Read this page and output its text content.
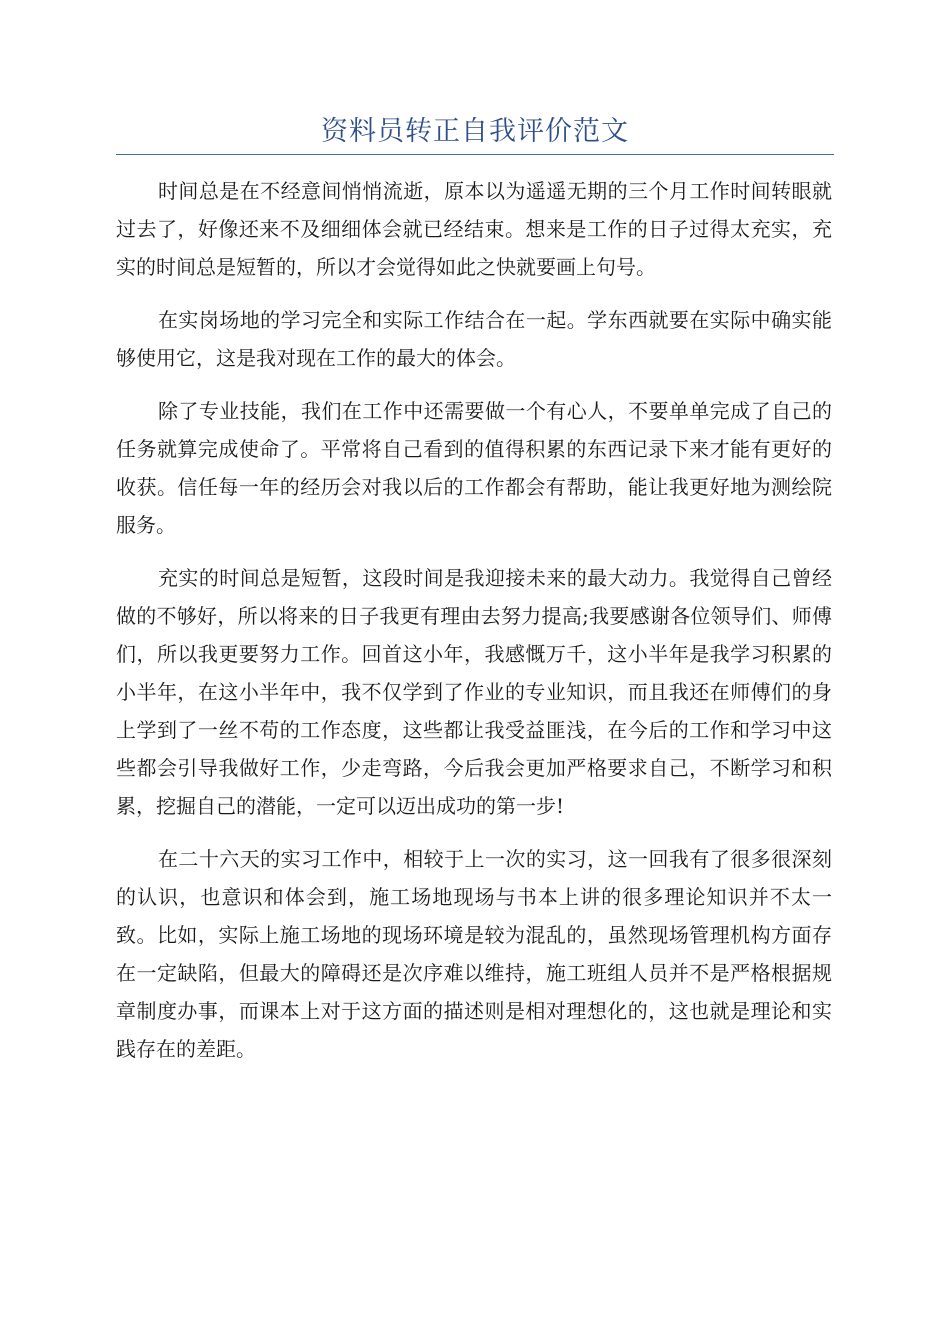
资料员转正自我评价范文

时间总是在不经意间悄悄流逝，原本以为遥遥无期的三个月工作时间转眼就过去了，好像还来不及细细体会就已经结束。想来是工作的日子过得太充实，充实的时间总是短暂的，所以才会觉得如此之快就要画上句号。

在实岗场地的学习完全和实际工作结合在一起。学东西就要在实际中确实能够使用它，这是我对现在工作的最大的体会。

除了专业技能，我们在工作中还需要做一个有心人，不要单单完成了自己的任务就算完成使命了。平常将自己看到的值得积累的东西记录下来才能有更好的收获。信任每一年的经历会对我以后的工作都会有帮助，能让我更好地为测绘院服务。

充实的时间总是短暂，这段时间是我迎接未来的最大动力。我觉得自己曾经做的不够好，所以将来的日子我更有理由去努力提高;我要感谢各位领导们、师傅们，所以我更要努力工作。回首这小年，我感慨万千，这小半年是我学习积累的小半年，在这小半年中，我不仅学到了作业的专业知识，而且我还在师傅们的身上学到了一丝不苟的工作态度，这些都让我受益匪浅，在今后的工作和学习中这些都会引导我做好工作，少走弯路，今后我会更加严格要求自己，不断学习和积累，挖掘自己的潜能，一定可以迈出成功的第一步!

在二十六天的实习工作中，相较于上一次的实习，这一回我有了很多很深刻的认识，也意识和体会到，施工场地现场与书本上讲的很多理论知识并不太一致。比如，实际上施工场地的现场环境是较为混乱的，虽然现场管理机构方面存在一定缺陷，但最大的障碍还是次序难以维持，施工班组人员并不是严格根据规章制度办事，而课本上对于这方面的描述则是相对理想化的，这也就是理论和实践存在的差距。
